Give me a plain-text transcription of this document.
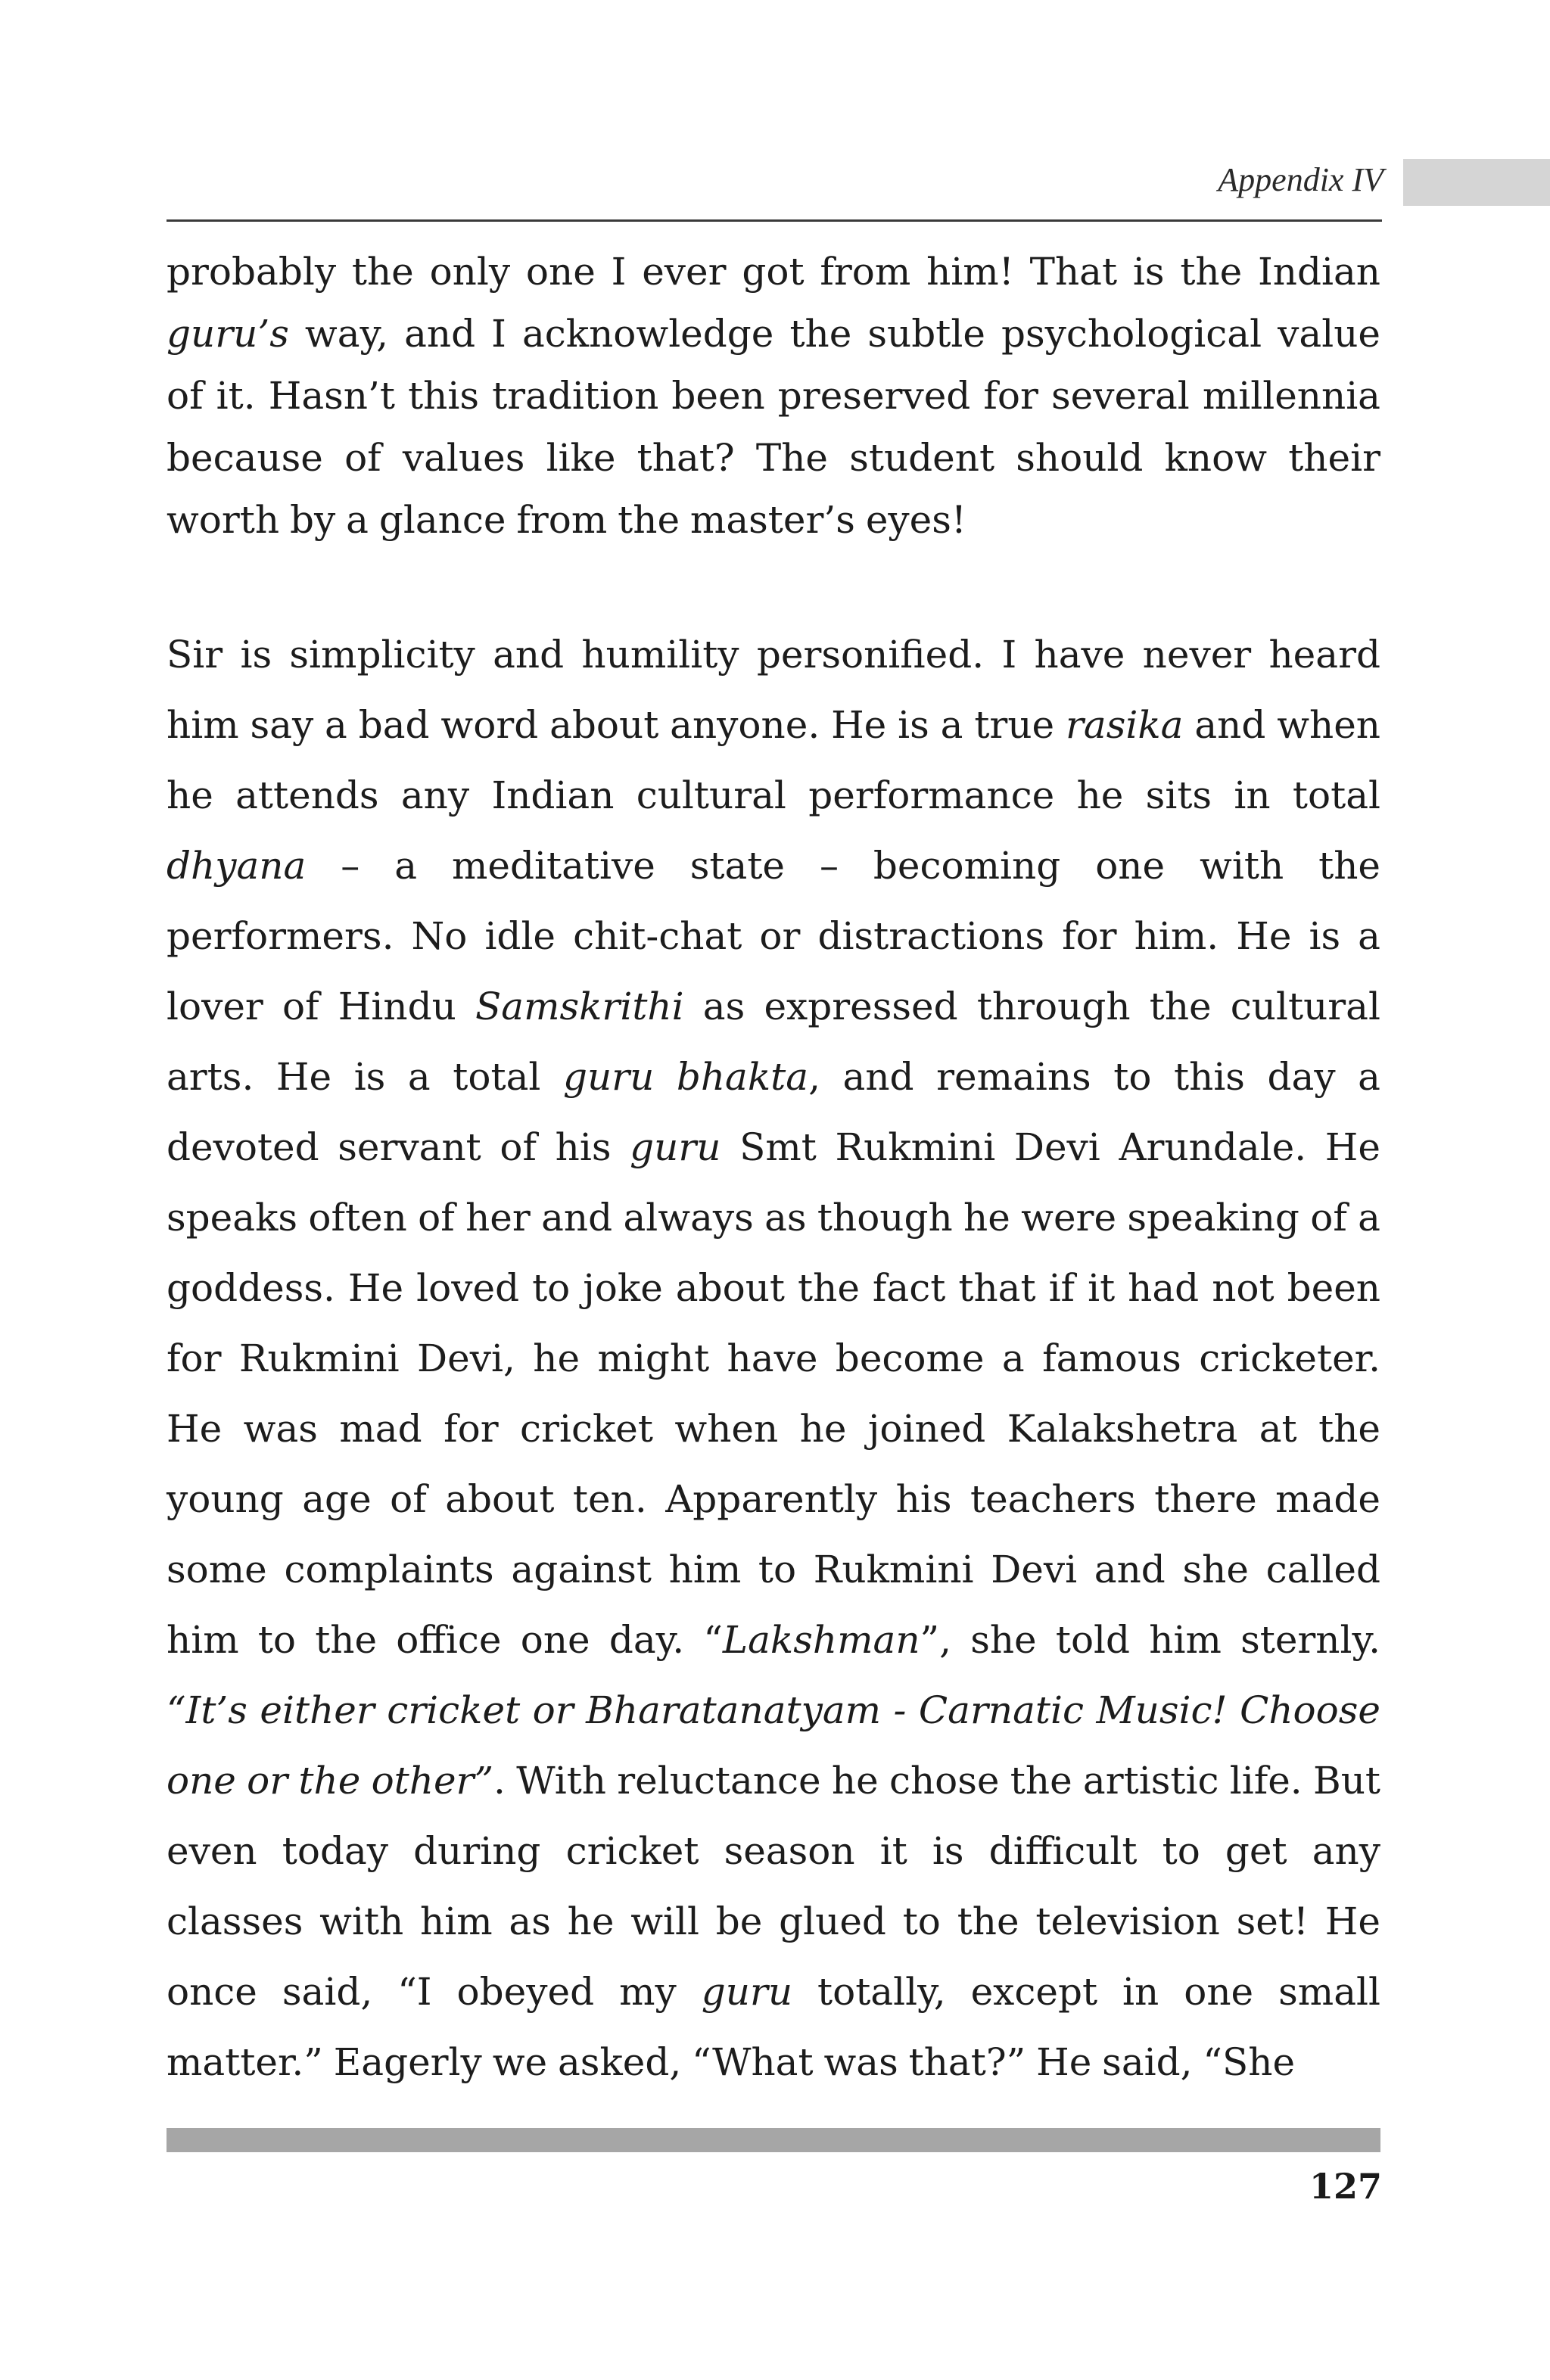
Appendix IV
probably the only one I ever got from him! That is the Indian guru’s way, and I acknowledge the subtle psychological value of it. Hasn’t this tradition been preserved for several millennia because of values like that? The student should know their worth by a glance from the master’s eyes!
Sir is simplicity and humility personified. I have never heard him say a bad word about anyone. He is a true rasika and when he attends any Indian cultural performance he sits in total dhyana – a meditative state – becoming one with the performers. No idle chit-chat or distractions for him. He is a lover of Hindu Samskrithi as expressed through the cultural arts. He is a total guru bhakta, and remains to this day a devoted servant of his guru Smt Rukmini Devi Arundale. He speaks often of her and always as though he were speaking of a goddess. He loved to joke about the fact that if it had not been for Rukmini Devi, he might have become a famous cricketer. He was mad for cricket when he joined Kalakshetra at the young age of about ten. Apparently his teachers there made some complaints against him to Rukmini Devi and she called him to the office one day. “Lakshman”, she told him sternly. “It’s either cricket or Bharatanatyam - Carnatic Music! Choose one or the other”. With reluctance he chose the artistic life. But even today during cricket season it is difficult to get any classes with him as he will be glued to the television set! He once said, “I obeyed my guru totally, except in one small matter.” Eagerly we asked, “What was that?” He said, “She
127
